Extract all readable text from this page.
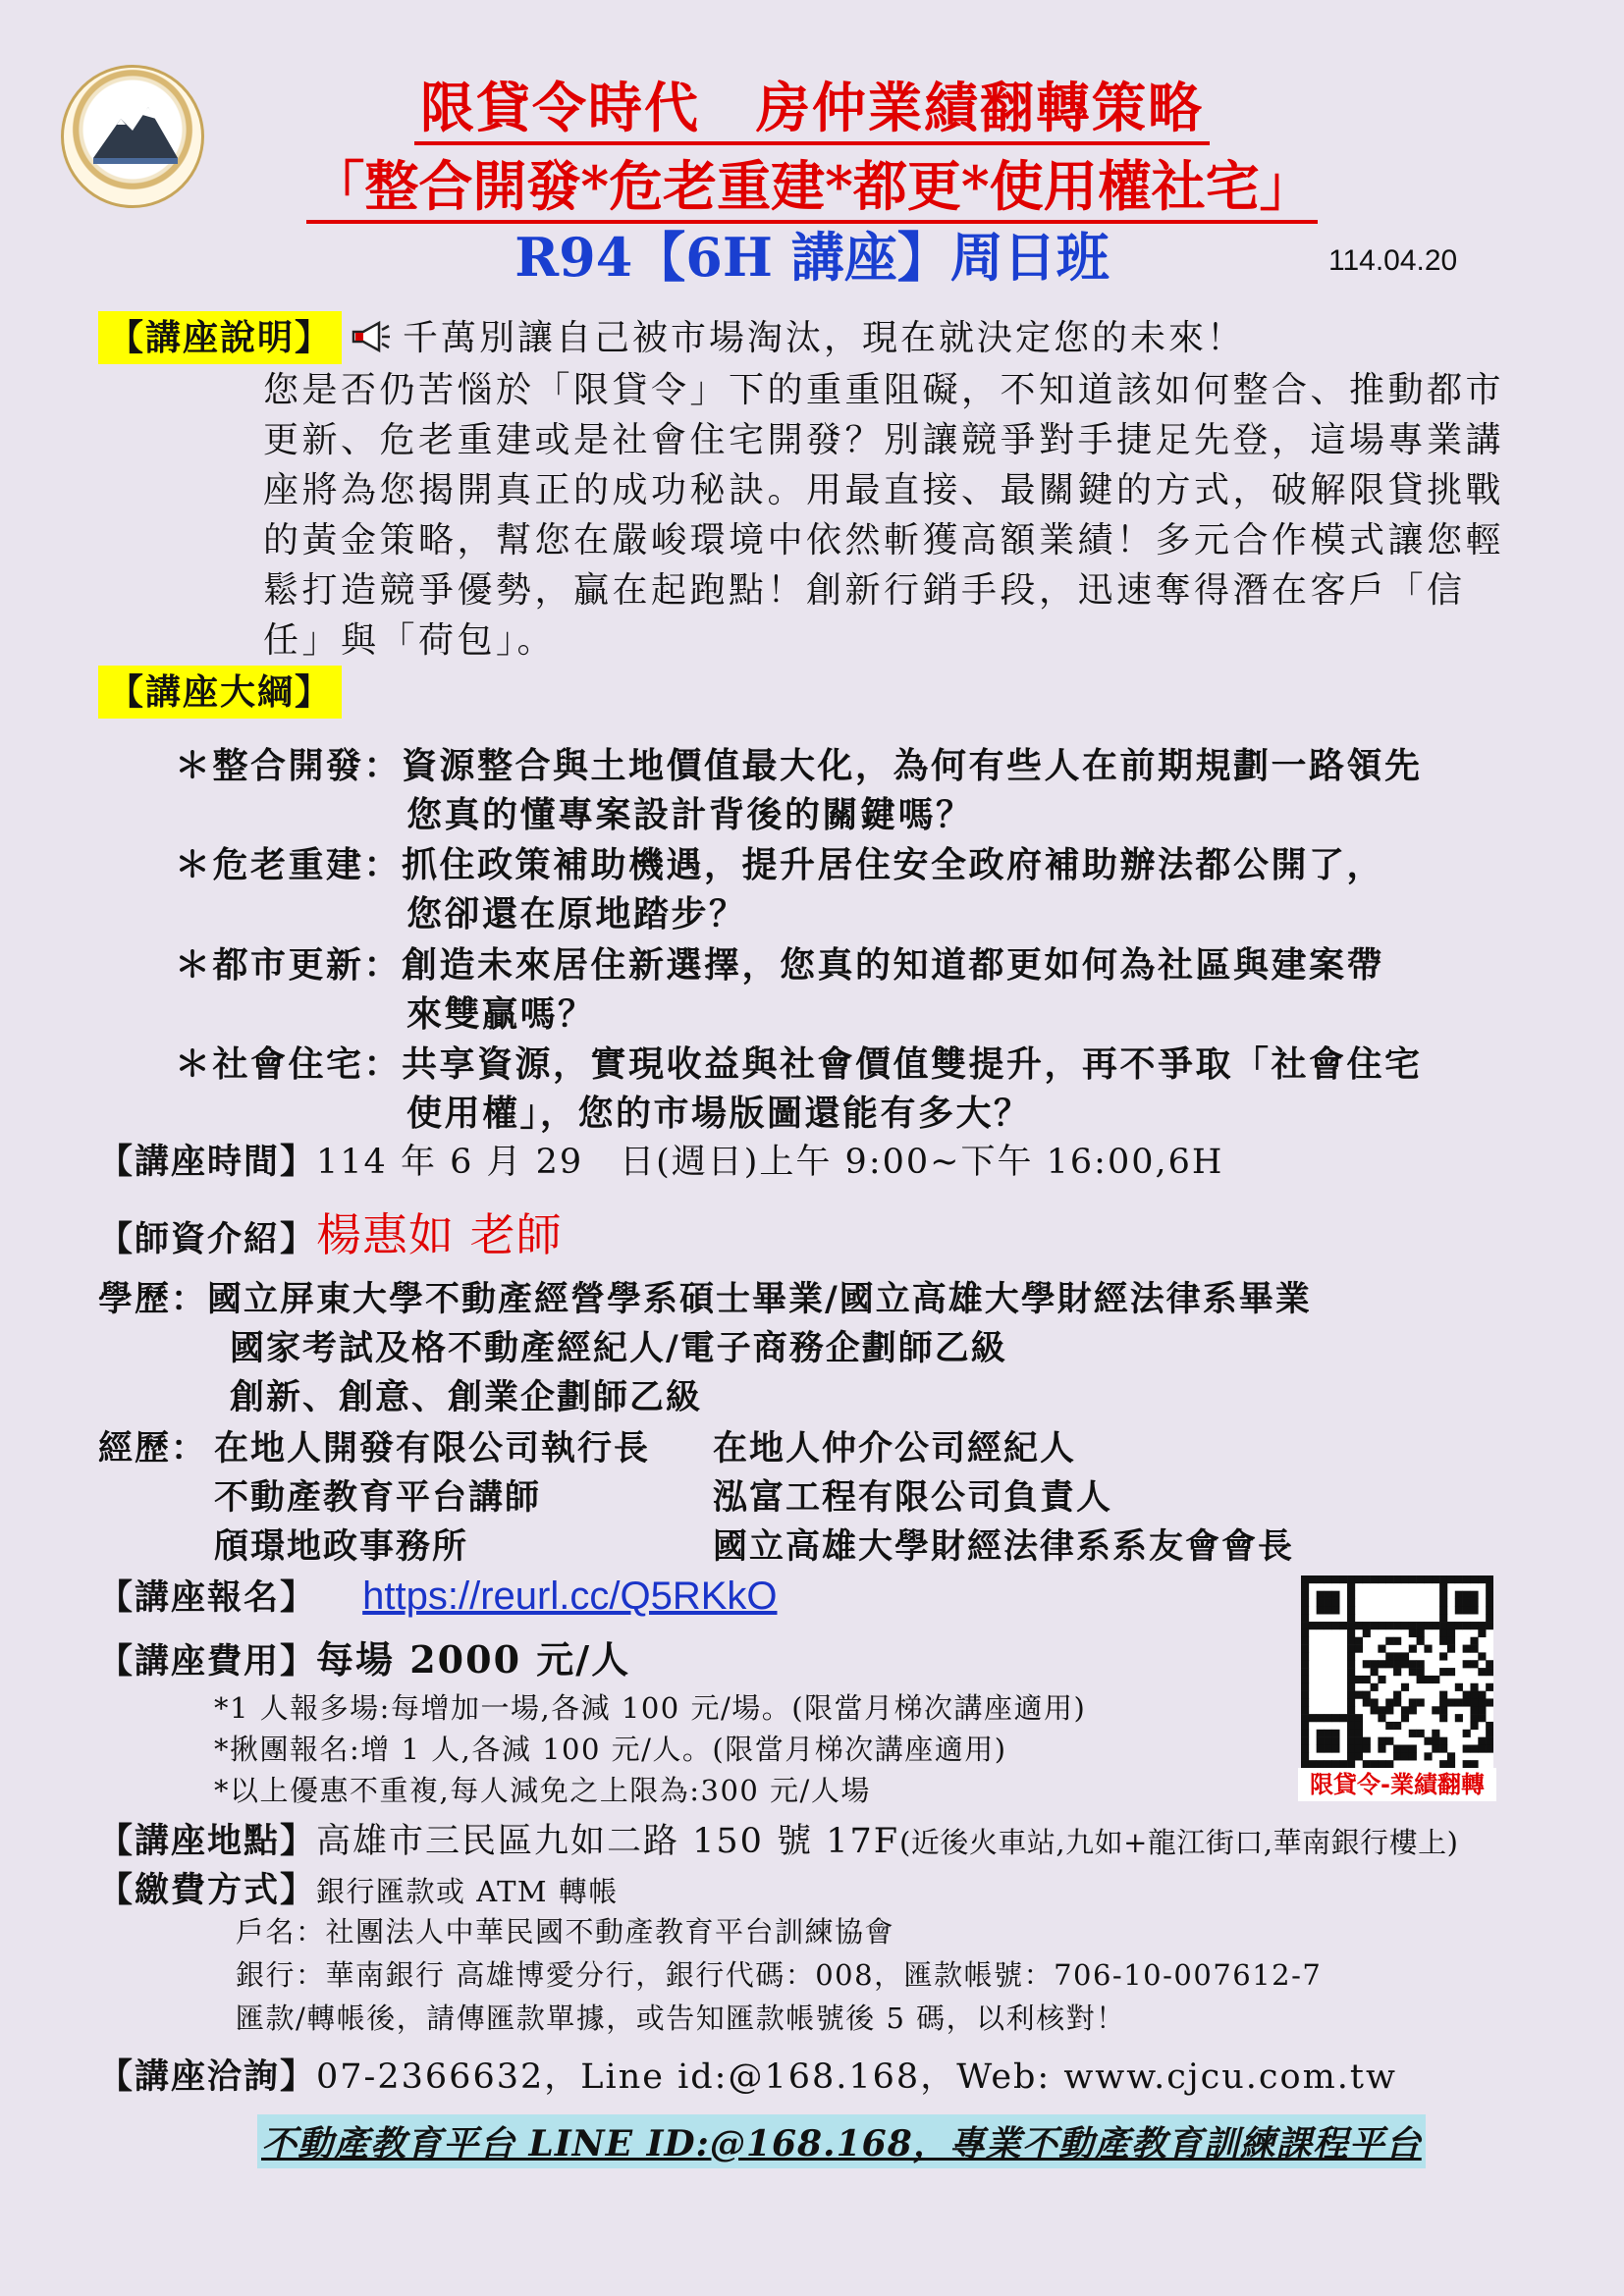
限貸令時代　房仲業績翻轉策略
「整合開發*危老重建*都更*使用權社宅」
R94【6H 講座】周日班	114.04.20
【講座說明】 千萬別讓自己被市場淘汰，現在就決定您的未來！
您是否仍苦惱於「限貸令」下的重重阻礙，不知道該如何整合、推動都市
更新、危老重建或是社會住宅開發？別讓競爭對手捷足先登，這場專業講
座將為您揭開真正的成功秘訣。用最直接、最關鍵的方式，破解限貸挑戰
的黃金策略，幫您在嚴峻環境中依然斬獲高額業績！多元合作模式讓您輕
鬆打造競爭優勢，贏在起跑點！創新行銷手段，迅速奪得潛在客戶「信
任」與「荷包」。
【講座大綱】
＊整合開發：資源整合與土地價值最大化，為何有些人在前期規劃一路領先
您真的懂專案設計背後的關鍵嗎？
＊危老重建：抓住政策補助機遇，提升居住安全政府補助辦法都公開了，
您卻還在原地踏步？
＊都市更新：創造未來居住新選擇，您真的知道都更如何為社區與建案帶
來雙贏嗎？
＊社會住宅：共享資源，實現收益與社會價值雙提升，再不爭取「社會住宅
使用權」，您的市場版圖還能有多大？
【講座時間】114 年 6 月 29　日(週日)上午 9:00~下午 16:00,6H
【師資介紹】楊惠如 老師
學歷：國立屏東大學不動產經營學系碩士畢業/國立高雄大學財經法律系畢業
國家考試及格不動產經紀人/電子商務企劃師乙級
創新、創意、創業企劃師乙級
經歷： 在地人開發有限公司執行長 在地人仲介公司經紀人
不動產教育平台講師	泓富工程有限公司負責人
頎璟地政事務所	國立高雄大學財經法律系系友會會長
【講座報名】 https://reurl.cc/Q5RKkO
【講座費用】每場 2000 元/人
*1 人報多場:每增加一場,各減 100 元/場。(限當月梯次講座適用)
*揪團報名:增 1 人,各減 100 元/人。(限當月梯次講座適用)
*以上優惠不重複,每人減免之上限為:300 元/人場	限貸令-業績翻轉
【講座地點】高雄市三民區九如二路 150 號 17F(近後火車站,九如+龍江街口,華南銀行樓上)
【繳費方式】銀行匯款或 ATM 轉帳
戶名：社團法人中華民國不動產教育平台訓練協會
銀行：華南銀行 高雄博愛分行，銀行代碼：008，匯款帳號：706-10-007612-7
匯款/轉帳後，請傳匯款單據，或告知匯款帳號後 5 碼，以利核對！
【講座洽詢】07-2366632，Line id:@168.168，Web: www.cjcu.com.tw
不動產教育平台 LINE ID:@168.168，專業不動產教育訓練課程平台
